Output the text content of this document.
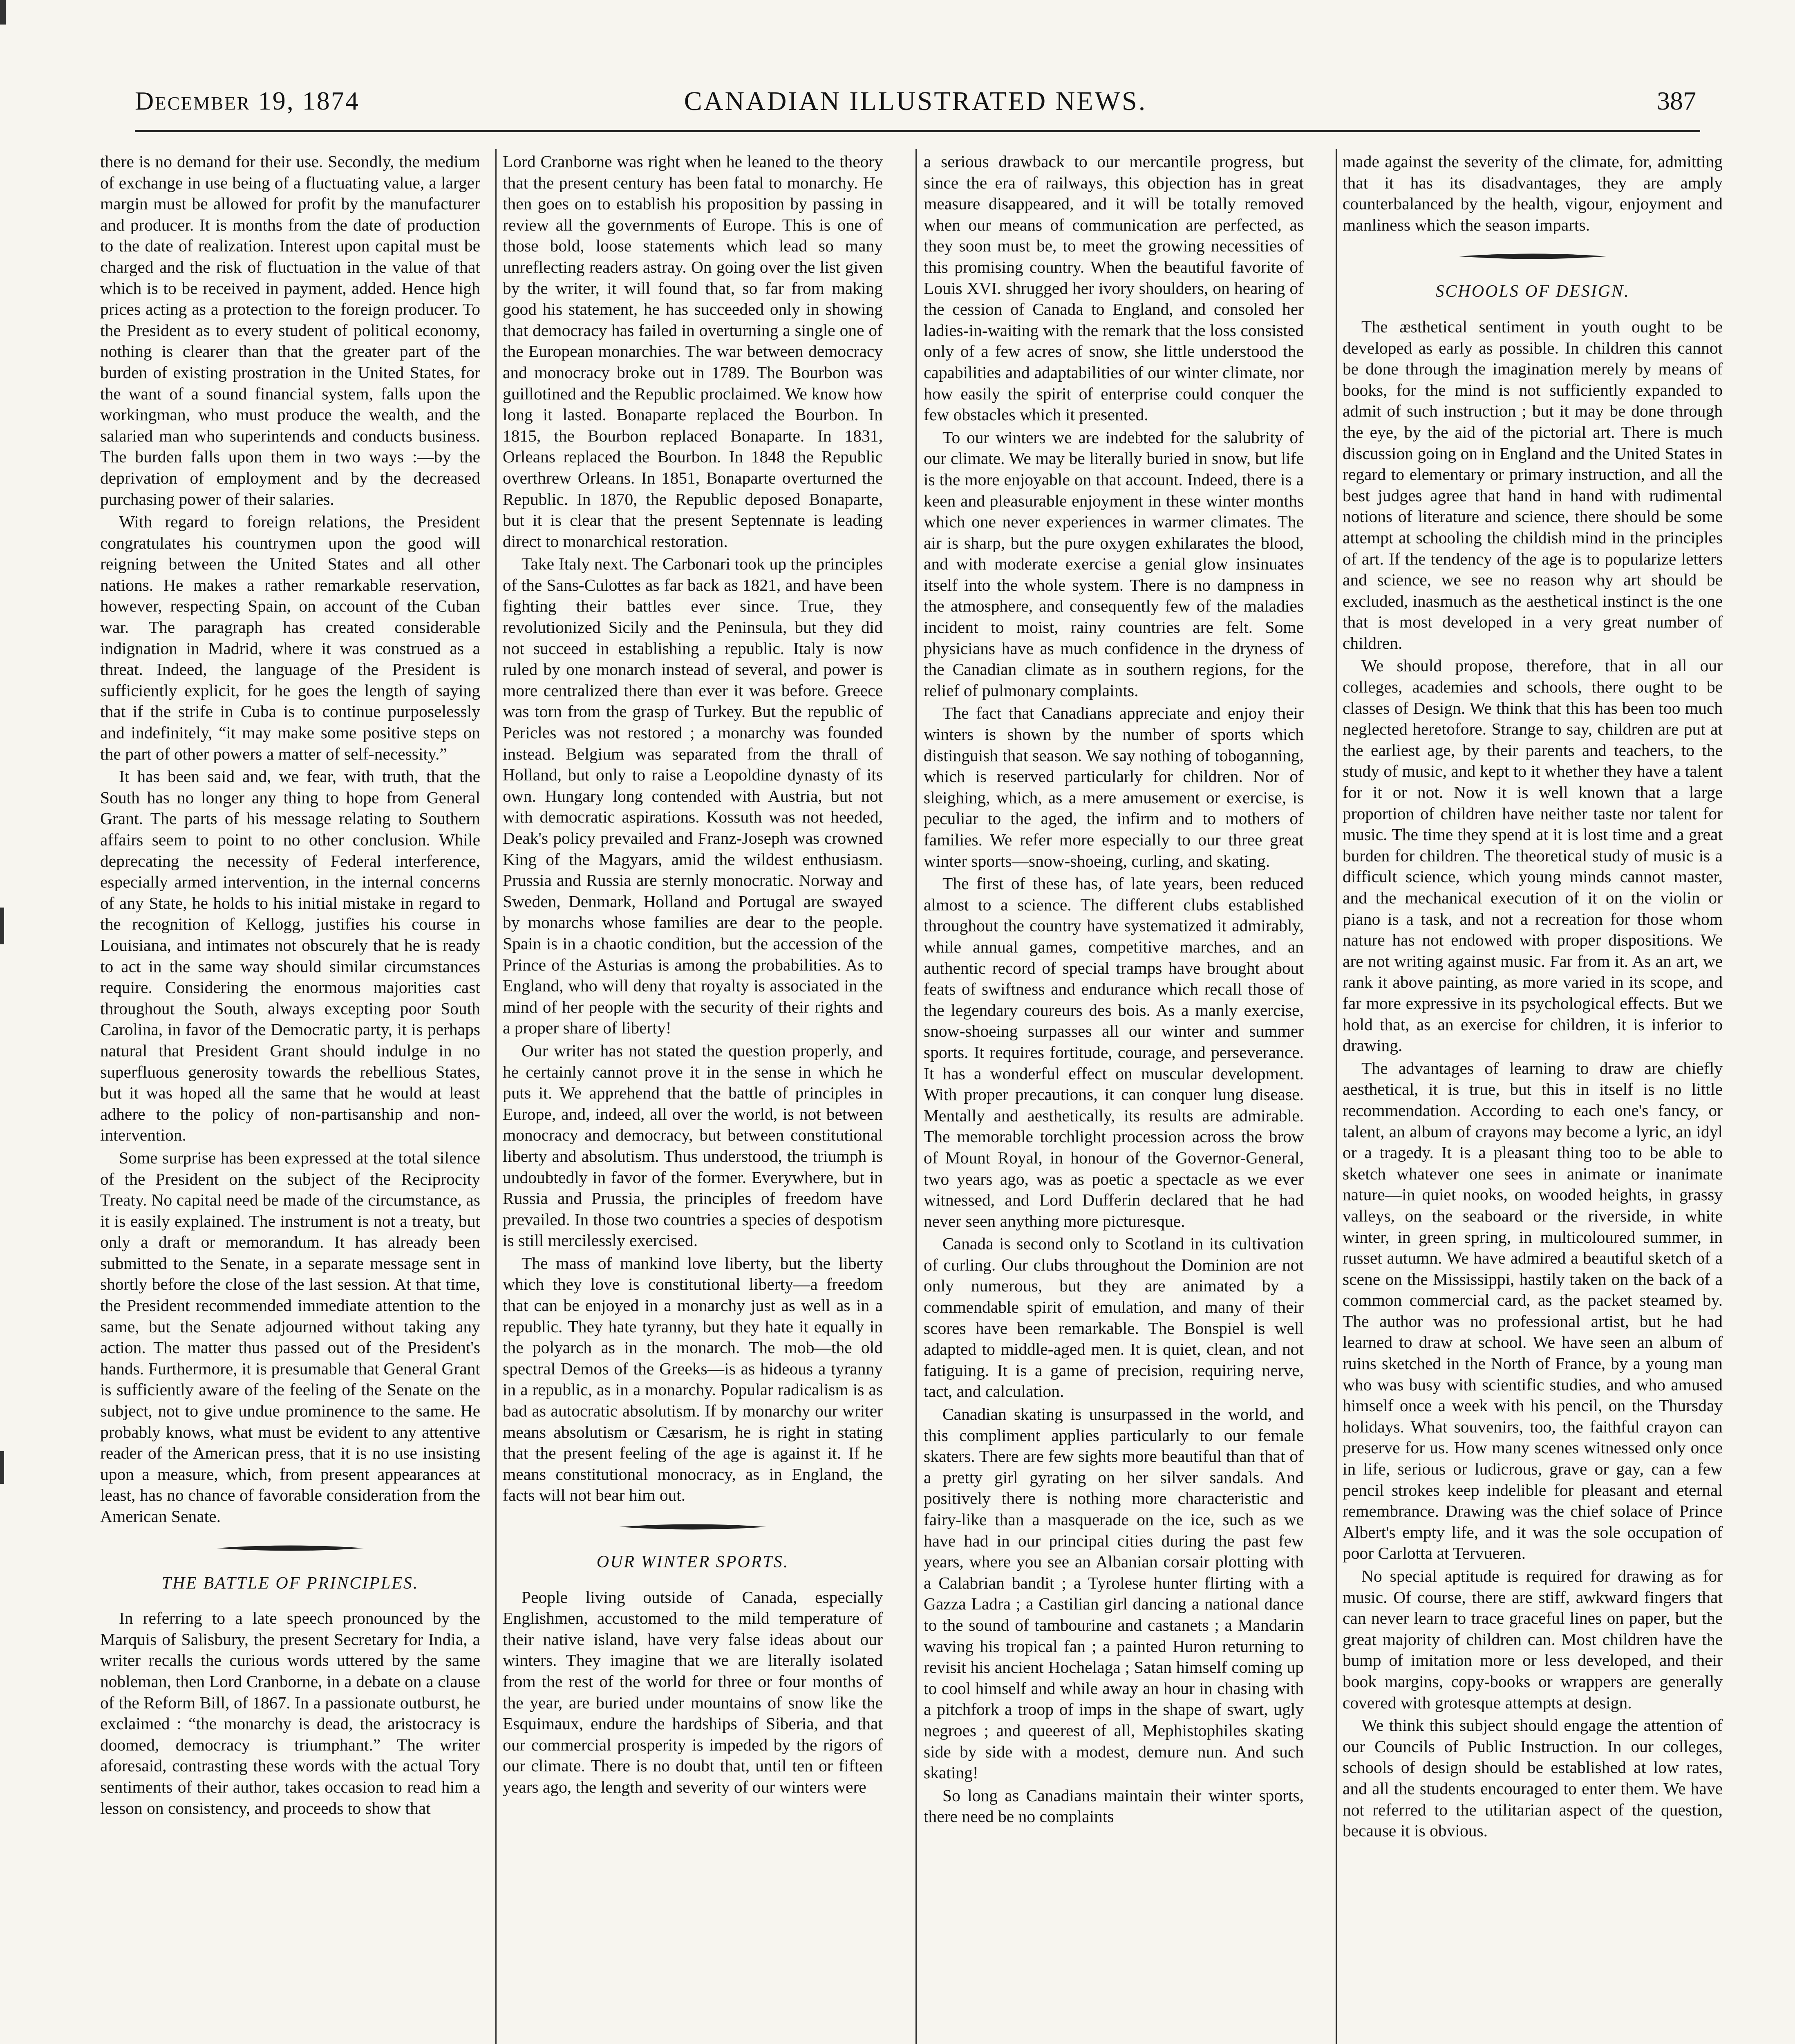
CANADIAN ILLUSTRATED NEWS.
December 19, 1874	387

there is no demand for their use. Secondly, the medium of exchange in use being of a fluctuating value, a larger margin must be allowed for profit by the manufacturer and producer. It is months from the date of production to the date of realization. Interest upon capital must be charged and the risk of fluctuation in the value of that which is to be received in payment, added. Hence high prices acting as a protection to the foreign producer. To the President as to every student of political economy, nothing is clearer than that the greater part of the burden of existing prostration in the United States, for the want of a sound financial system, falls upon the workingman, who must produce the wealth, and the salaried man who superintends and conducts business. The burden falls upon them in two ways :—by the deprivation of employment and by the decreased purchasing power of their salaries.

With regard to foreign relations, the President congratulates his countrymen upon the good will reigning between the United States and all other nations. He makes a rather remarkable reservation, however, respecting Spain, on account of the Cuban war. The paragraph has created considerable indignation in Madrid, where it was construed as a threat. Indeed, the language of the President is sufficiently explicit, for he goes the length of saying that if the strife in Cuba is to continue purposelessly and indefinitely, “it may make some positive steps on the part of other powers a matter of self-necessity.”

It has been said and, we fear, with truth, that the South has no longer any thing to hope from General Grant. The parts of his message relating to Southern affairs seem to point to no other conclusion. While deprecating the necessity of Federal interference, especially armed intervention, in the internal concerns of any State, he holds to his initial mistake in regard to the recognition of Kellogg, justifies his course in Louisiana, and intimates not obscurely that he is ready to act in the same way should similar circumstances require. Considering the enormous majorities cast throughout the South, always excepting poor South Carolina, in favor of the Democratic party, it is perhaps natural that President Grant should indulge in no superfluous generosity towards the rebellious States, but it was hoped all the same that he would at least adhere to the policy of non-partisanship and non-intervention.

Some surprise has been expressed at the total silence of the President on the subject of the Reciprocity Treaty. No capital need be made of the circumstance, as it is easily explained. The instrument is not a treaty, but only a draft or memorandum. It has already been submitted to the Senate, in a separate message sent in shortly before the close of the last session. At that time, the President recommended immediate attention to the same, but the Senate adjourned without taking any action. The matter thus passed out of the President's hands. Furthermore, it is presumable that General Grant is sufficiently aware of the feeling of the Senate on the subject, not to give undue prominence to the same. He probably knows, what must be evident to any attentive reader of the American press, that it is no use insisting upon a measure, which, from present appearances at least, has no chance of favorable consideration from the American Senate.

THE BATTLE OF PRINCIPLES.

In referring to a late speech pronounced by the Marquis of Salisbury, the present Secretary for India, a writer recalls the curious words uttered by the same nobleman, then Lord Cranborne, in a debate on a clause of the Reform Bill, of 1867. In a passionate outburst, he exclaimed : “the monarchy is dead, the aristocracy is doomed, democracy is triumphant.” The writer aforesaid, contrasting these words with the actual Tory sentiments of their author, takes occasion to read him a lesson on consistency, and proceeds to show that

Lord Cranborne was right when he leaned to the theory that the present century has been fatal to monarchy. He then goes on to establish his proposition by passing in review all the governments of Europe. This is one of those bold, loose statements which lead so many unreflecting readers astray. On going over the list given by the writer, it will found that, so far from making good his statement, he has succeeded only in showing that democracy has failed in overturning a single one of the European monarchies. The war between democracy and monocracy broke out in 1789. The Bourbon was guillotined and the Republic proclaimed. We know how long it lasted. Bonaparte replaced the Bourbon. In 1815, the Bourbon replaced Bonaparte. In 1831, Orleans replaced the Bourbon. In 1848 the Republic overthrew Orleans. In 1851, Bonaparte overturned the Republic. In 1870, the Republic deposed Bonaparte, but it is clear that the present Septennate is leading direct to monarchical restoration.

Take Italy next. The Carbonari took up the principles of the Sans-Culottes as far back as 1821, and have been fighting their battles ever since. True, they revolutionized Sicily and the Peninsula, but they did not succeed in establishing a republic. Italy is now ruled by one monarch instead of several, and power is more centralized there than ever it was before. Greece was torn from the grasp of Turkey. But the republic of Pericles was not restored ; a monarchy was founded instead. Belgium was separated from the thrall of Holland, but only to raise a Leopoldine dynasty of its own. Hungary long contended with Austria, but not with democratic aspirations. Kossuth was not heeded, Deak's policy prevailed and Franz-Joseph was crowned King of the Magyars, amid the wildest enthusiasm. Prussia and Russia are sternly monocratic. Norway and Sweden, Denmark, Holland and Portugal are swayed by monarchs whose families are dear to the people. Spain is in a chaotic condition, but the accession of the Prince of the Asturias is among the probabilities. As to England, who will deny that royalty is associated in the mind of her people with the security of their rights and a proper share of liberty!

Our writer has not stated the question properly, and he certainly cannot prove it in the sense in which he puts it. We apprehend that the battle of principles in Europe, and, indeed, all over the world, is not between monocracy and democracy, but between constitutional liberty and absolutism. Thus understood, the triumph is undoubtedly in favor of the former. Everywhere, but in Russia and Prussia, the principles of freedom have prevailed. In those two countries a species of despotism is still mercilessly exercised.

The mass of mankind love liberty, but the liberty which they love is constitutional liberty—a freedom that can be enjoyed in a monarchy just as well as in a republic. They hate tyranny, but they hate it equally in the polyarch as in the monarch. The mob—the old spectral Demos of the Greeks—is as hideous a tyranny in a republic, as in a monarchy. Popular radicalism is as bad as autocratic absolutism. If by monarchy our writer means absolutism or Cæsarism, he is right in stating that the present feeling of the age is against it. If he means constitutional monocracy, as in England, the facts will not bear him out.

OUR WINTER SPORTS.

People living outside of Canada, especially Englishmen, accustomed to the mild temperature of their native island, have very false ideas about our winters. They imagine that we are literally isolated from the rest of the world for three or four months of the year, are buried under mountains of snow like the Esquimaux, endure the hardships of Siberia, and that our commercial prosperity is impeded by the rigors of our climate. There is no doubt that, until ten or fifteen years ago, the length and severity of our winters were

a serious drawback to our mercantile progress, but since the era of railways, this objection has in great measure disappeared, and it will be totally removed when our means of communication are perfected, as they soon must be, to meet the growing necessities of this promising country. When the beautiful favorite of Louis XVI. shrugged her ivory shoulders, on hearing of the cession of Canada to England, and consoled her ladies-in-waiting with the remark that the loss consisted only of a few acres of snow, she little understood the capabilities and adaptabilities of our winter climate, nor how easily the spirit of enterprise could conquer the few obstacles which it presented.

To our winters we are indebted for the salubrity of our climate. We may be literally buried in snow, but life is the more enjoyable on that account. Indeed, there is a keen and pleasurable enjoyment in these winter months which one never experiences in warmer climates. The air is sharp, but the pure oxygen exhilarates the blood, and with moderate exercise a genial glow insinuates itself into the whole system. There is no dampness in the atmosphere, and consequently few of the maladies incident to moist, rainy countries are felt. Some physicians have as much confidence in the dryness of the Canadian climate as in southern regions, for the relief of pulmonary complaints.

The fact that Canadians appreciate and enjoy their winters is shown by the number of sports which distinguish that season. We say nothing of toboganning, which is reserved particularly for children. Nor of sleighing, which, as a mere amusement or exercise, is peculiar to the aged, the infirm and to mothers of families. We refer more especially to our three great winter sports—snow-shoeing, curling, and skating.

The first of these has, of late years, been reduced almost to a science. The different clubs established throughout the country have systematized it admirably, while annual games, competitive marches, and an authentic record of special tramps have brought about feats of swiftness and endurance which recall those of the legendary coureurs des bois. As a manly exercise, snow-shoeing surpasses all our winter and summer sports. It requires fortitude, courage, and perseverance. It has a wonderful effect on muscular development. With proper precautions, it can conquer lung disease. Mentally and aesthetically, its results are admirable. The memorable torchlight procession across the brow of Mount Royal, in honour of the Governor-General, two years ago, was as poetic a spectacle as we ever witnessed, and Lord Dufferin declared that he had never seen anything more picturesque.

Canada is second only to Scotland in its cultivation of curling. Our clubs throughout the Dominion are not only numerous, but they are animated by a commendable spirit of emulation, and many of their scores have been remarkable. The Bonspiel is well adapted to middle-aged men. It is quiet, clean, and not fatiguing. It is a game of precision, requiring nerve, tact, and calculation.

Canadian skating is unsurpassed in the world, and this compliment applies particularly to our female skaters. There are few sights more beautiful than that of a pretty girl gyrating on her silver sandals. And positively there is nothing more characteristic and fairy-like than a masquerade on the ice, such as we have had in our principal cities during the past few years, where you see an Albanian corsair plotting with a Calabrian bandit ; a Tyrolese hunter flirting with a Gazza Ladra ; a Castilian girl dancing a national dance to the sound of tambourine and castanets ; a Mandarin waving his tropical fan ; a painted Huron returning to revisit his ancient Hochelaga ; Satan himself coming up to cool himself and while away an hour in chasing with a pitchfork a troop of imps in the shape of swart, ugly negroes ; and queerest of all, Mephistophiles skating side by side with a modest, demure nun. And such skating!

So long as Canadians maintain their winter sports, there need be no complaints

made against the severity of the climate, for, admitting that it has its disadvantages, they are amply counterbalanced by the health, vigour, enjoyment and manliness which the season imparts.

SCHOOLS OF DESIGN.

The æsthetical sentiment in youth ought to be developed as early as possible. In children this cannot be done through the imagination merely by means of books, for the mind is not sufficiently expanded to admit of such instruction ; but it may be done through the eye, by the aid of the pictorial art. There is much discussion going on in England and the United States in regard to elementary or primary instruction, and all the best judges agree that hand in hand with rudimental notions of literature and science, there should be some attempt at schooling the childish mind in the principles of art. If the tendency of the age is to popularize letters and science, we see no reason why art should be excluded, inasmuch as the aesthetical instinct is the one that is most developed in a very great number of children.

We should propose, therefore, that in all our colleges, academies and schools, there ought to be classes of Design. We think that this has been too much neglected heretofore. Strange to say, children are put at the earliest age, by their parents and teachers, to the study of music, and kept to it whether they have a talent for it or not. Now it is well known that a large proportion of children have neither taste nor talent for music. The time they spend at it is lost time and a great burden for children. The theoretical study of music is a difficult science, which young minds cannot master, and the mechanical execution of it on the violin or piano is a task, and not a recreation for those whom nature has not endowed with proper dispositions. We are not writing against music. Far from it. As an art, we rank it above painting, as more varied in its scope, and far more expressive in its psychological effects. But we hold that, as an exercise for children, it is inferior to drawing.

The advantages of learning to draw are chiefly aesthetical, it is true, but this in itself is no little recommendation. According to each one's fancy, or talent, an album of crayons may become a lyric, an idyl or a tragedy. It is a pleasant thing too to be able to sketch whatever one sees in animate or inanimate nature—in quiet nooks, on wooded heights, in grassy valleys, on the seaboard or the riverside, in white winter, in green spring, in multicoloured summer, in russet autumn. We have admired a beautiful sketch of a scene on the Mississippi, hastily taken on the back of a common commercial card, as the packet steamed by. The author was no professional artist, but he had learned to draw at school. We have seen an album of ruins sketched in the North of France, by a young man who was busy with scientific studies, and who amused himself once a week with his pencil, on the Thursday holidays. What souvenirs, too, the faithful crayon can preserve for us. How many scenes witnessed only once in life, serious or ludicrous, grave or gay, can a few pencil strokes keep indelible for pleasant and eternal remembrance. Drawing was the chief solace of Prince Albert's empty life, and it was the sole occupation of poor Carlotta at Tervueren.

No special aptitude is required for drawing as for music. Of course, there are stiff, awkward fingers that can never learn to trace graceful lines on paper, but the great majority of children can. Most children have the bump of imitation more or less developed, and their book margins, copy-books or wrappers are generally covered with grotesque attempts at design.

We think this subject should engage the attention of our Councils of Public Instruction. In our colleges, schools of design should be established at low rates, and all the students encouraged to enter them. We have not referred to the utilitarian aspect of the question, because it is obvious.
